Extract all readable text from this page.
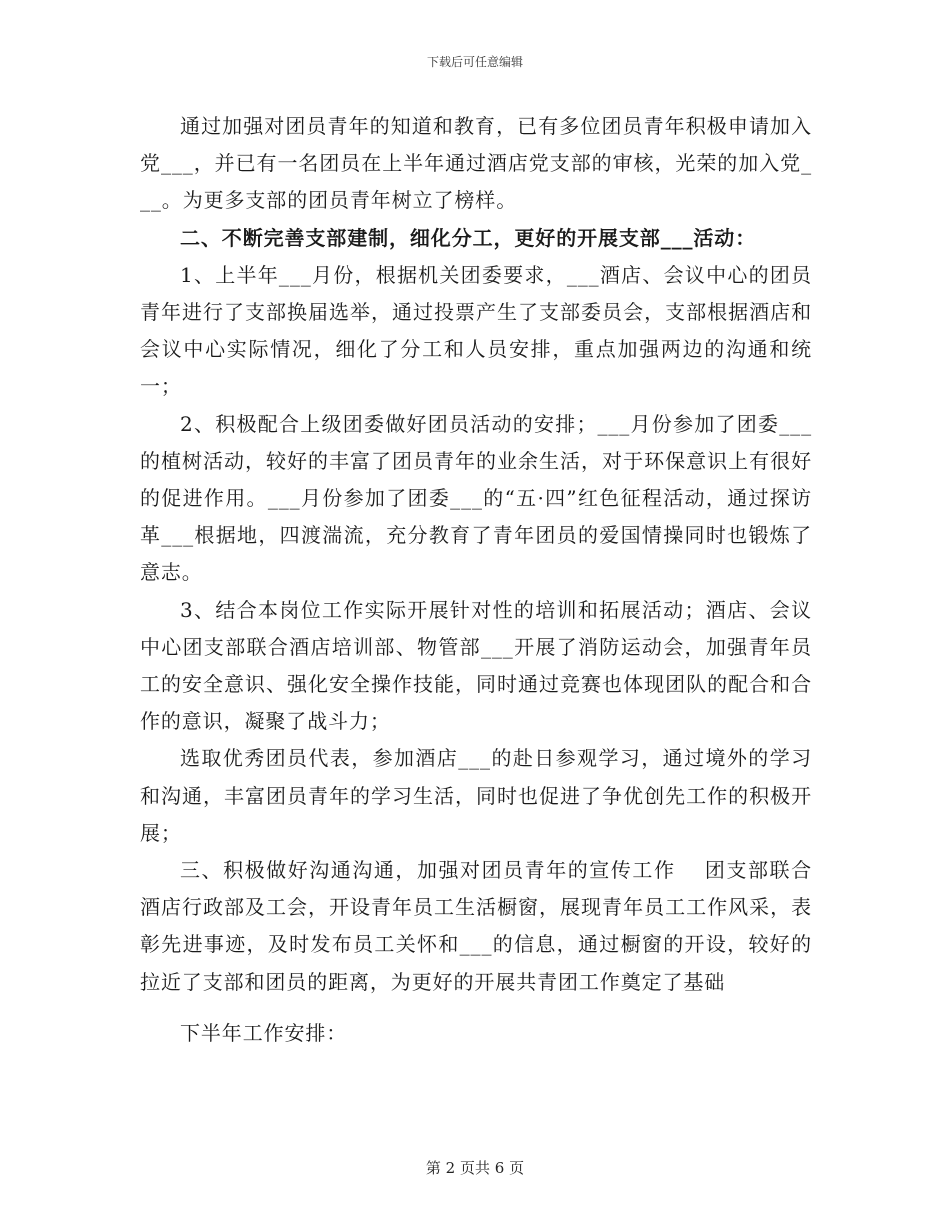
下载后可任意编辑

通过加强对团员青年的知道和教育，已有多位团员青年积极申请加入党___，并已有一名团员在上半年通过酒店党支部的审核，光荣的加入党___。为更多支部的团员青年树立了榜样。

二、不断完善支部建制，细化分工，更好的开展支部___活动：

1、上半年___月份，根据机关团委要求，___酒店、会议中心的团员青年进行了支部换届选举，通过投票产生了支部委员会，支部根据酒店和会议中心实际情况，细化了分工和人员安排，重点加强两边的沟通和统一；

2、积极配合上级团委做好团员活动的安排；___月份参加了团委___的植树活动，较好的丰富了团员青年的业余生活，对于环保意识上有很好的促进作用。___月份参加了团委___的“五·四”红色征程活动，通过探访革___根据地，四渡湍流，充分教育了青年团员的爱国情操同时也锻炼了意志。

3、结合本岗位工作实际开展针对性的培训和拓展活动；酒店、会议中心团支部联合酒店培训部、物管部___开展了消防运动会，加强青年员工的安全意识、强化安全操作技能，同时通过竞赛也体现团队的配合和合作的意识，凝聚了战斗力；

选取优秀团员代表，参加酒店___的赴日参观学习，通过境外的学习和沟通，丰富团员青年的学习生活，同时也促进了争优创先工作的积极开展；

三、积极做好沟通沟通，加强对团员青年的宣传工作　 团支部联合酒店行政部及工会，开设青年员工生活橱窗，展现青年员工工作风采，表彰先进事迹，及时发布员工关怀和___的信息，通过橱窗的开设，较好的拉近了支部和团员的距离，为更好的开展共青团工作奠定了基础

下半年工作安排：

第 2 页共 6 页
